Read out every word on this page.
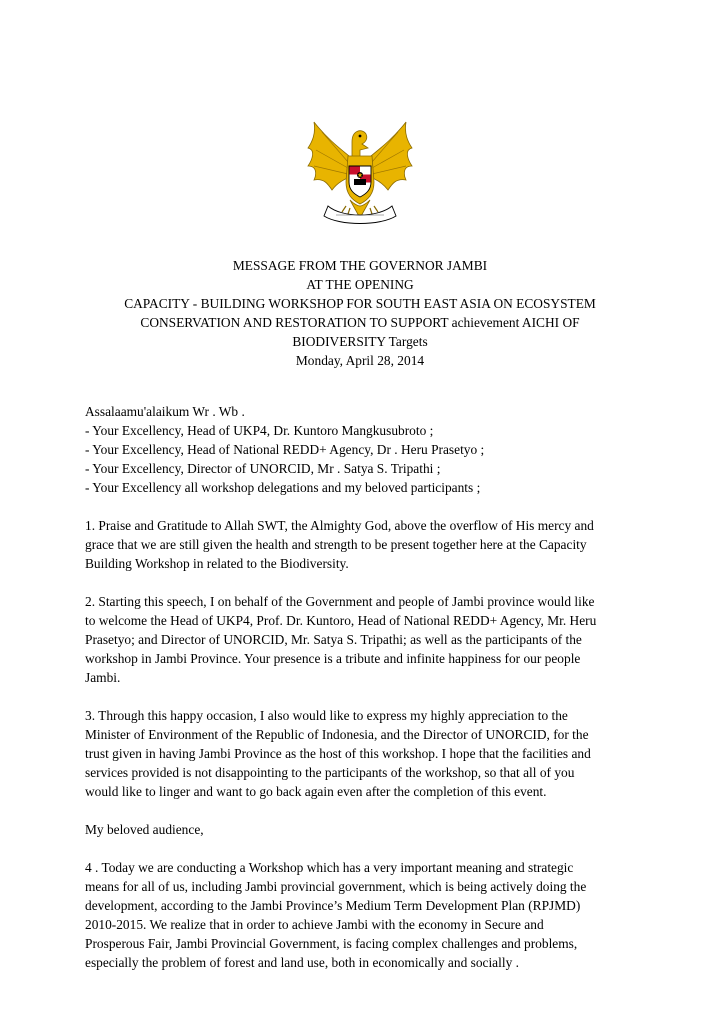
MESSAGE FROM THE GOVERNOR JAMBI
AT THE OPENING
CAPACITY - BUILDING WORKSHOP FOR SOUTH EAST ASIA ON ECOSYSTEM
CONSERVATION AND RESTORATION TO SUPPORT achievement AICHI OF
BIODIVERSITY Targets
Monday, April 28, 2014

Assalaamu'alaikum Wr . Wb .
- Your Excellency, Head of UKP4, Dr. Kuntoro Mangkusubroto ;
- Your Excellency, Head of National REDD+ Agency, Dr . Heru Prasetyo ;
- Your Excellency, Director of UNORCID, Mr . Satya S. Tripathi ;
- Your Excellency all workshop delegations and my beloved participants ;

1. Praise and Gratitude to Allah SWT, the Almighty God, above the overflow of His mercy and
grace that we are still given the health and strength to be present together here at the Capacity
Building Workshop in related to the Biodiversity.

2. Starting this speech, I on behalf of the Government and people of Jambi province would like
to welcome the Head of UKP4, Prof. Dr. Kuntoro, Head of National REDD+ Agency, Mr. Heru
Prasetyo; and Director of UNORCID, Mr. Satya S. Tripathi; as well as the participants of the
workshop in Jambi Province. Your presence is a tribute and infinite happiness for our people
Jambi.

3. Through this happy occasion, I also would like to express my highly appreciation to the
Minister of Environment of the Republic of Indonesia, and the Director of UNORCID, for the
trust given in having Jambi Province as the host of this workshop. I hope that the facilities and
services provided is not disappointing to the participants of the workshop, so that all of you
would like to linger and want to go back again even after the completion of this event.

My beloved audience,

4 . Today we are conducting a Workshop which has a very important meaning and strategic
means for all of us, including Jambi provincial government, which is being actively doing the
development, according to the Jambi Province’s Medium Term Development Plan (RPJMD)
2010-2015. We realize that in order to achieve Jambi with the economy in Secure and
Prosperous Fair, Jambi Provincial Government, is facing complex challenges and problems,
especially the problem of forest and land use, both in economically and socially .
